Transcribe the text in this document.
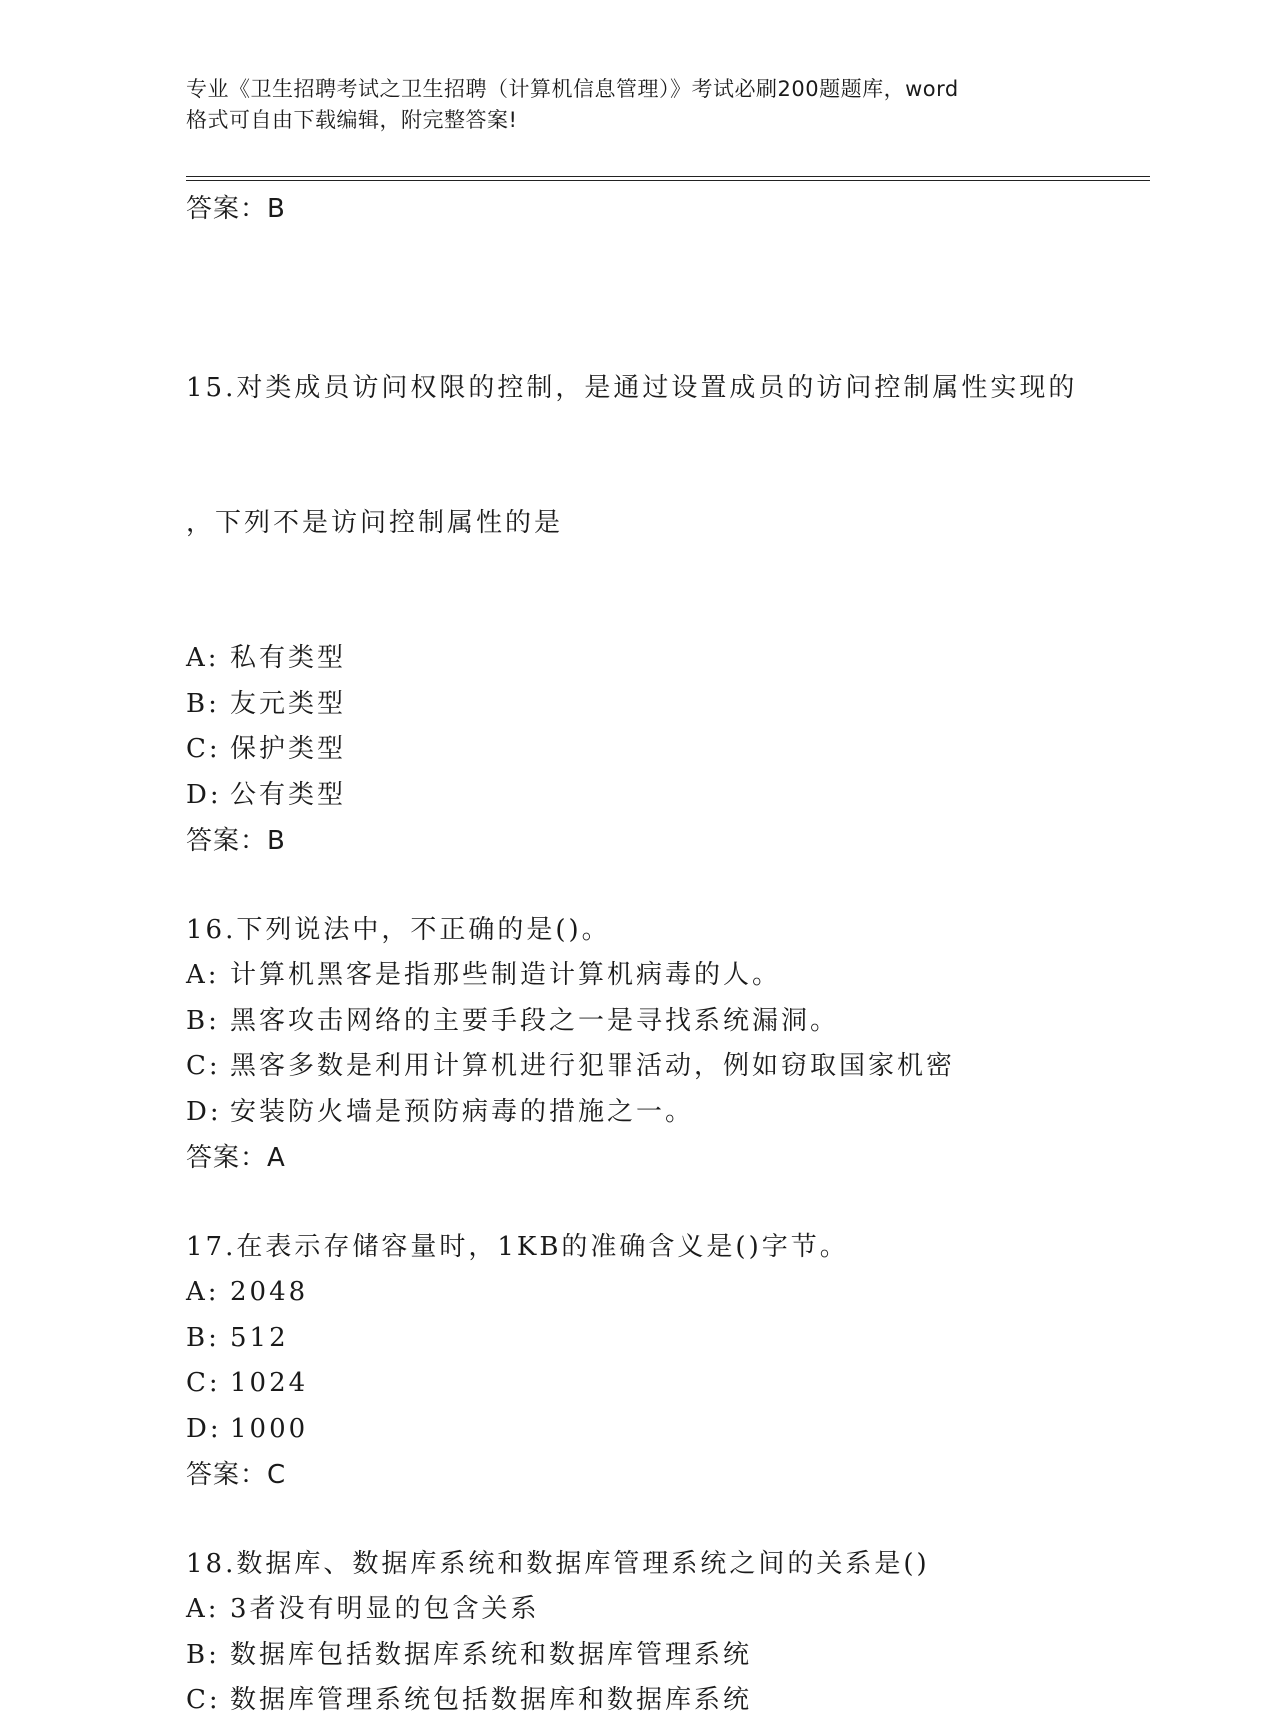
专业《卫生招聘考试之卫生招聘（计算机信息管理）》考试必刷200题题库，word
格式可自由下载编辑，附完整答案!
答案：B

15.对类成员访问权限的控制，是通过设置成员的访问控制属性实现的

，下列不是访问控制属性的是

A: 私有类型
B: 友元类型
C: 保护类型
D: 公有类型
答案：B
16.下列说法中，不正确的是()。
A: 计算机黑客是指那些制造计算机病毒的人。
B: 黑客攻击网络的主要手段之一是寻找系统漏洞。
C: 黑客多数是利用计算机进行犯罪活动，例如窃取国家机密
D: 安装防火墙是预防病毒的措施之一。
答案：A
17.在表示存储容量时，1KB的准确含义是()字节。
A: 2048
B: 512
C: 1024
D: 1000
答案：C
18.数据库、数据库系统和数据库管理系统之间的关系是()
A: 3者没有明显的包含关系
B: 数据库包括数据库系统和数据库管理系统
C: 数据库管理系统包括数据库和数据库系统
